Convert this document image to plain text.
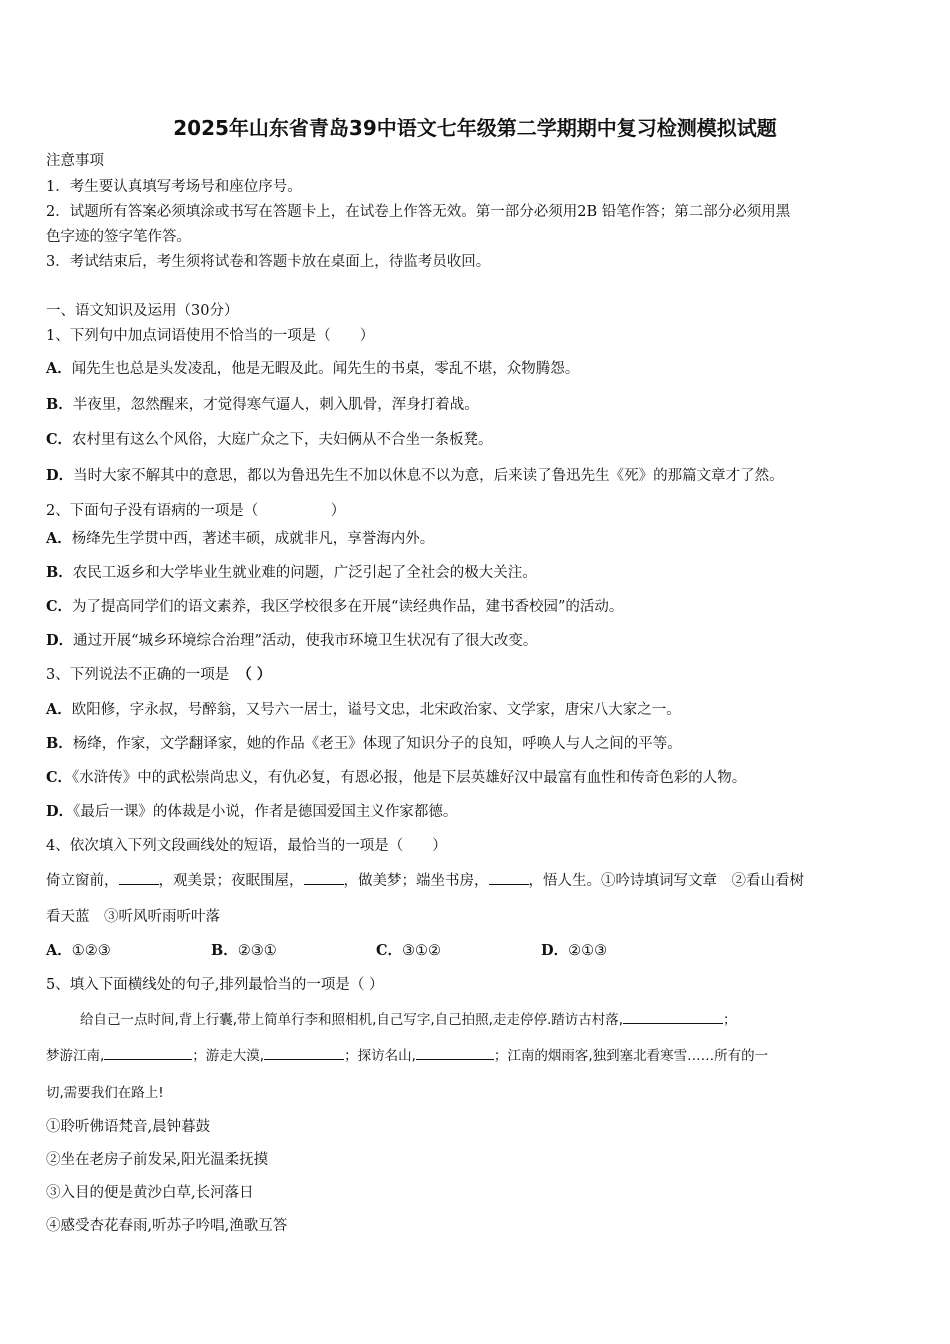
2025年山东省青岛39中语文七年级第二学期期中复习检测模拟试题
注意事项
1．考生要认真填写考场号和座位序号。
2．试题所有答案必须填涂或书写在答题卡上，在试卷上作答无效。第一部分必须用2B 铅笔作答；第二部分必须用黑
色字迹的签字笔作答。
3．考试结束后，考生须将试卷和答题卡放在桌面上，待监考员收回。
一、语文知识及运用（30分）
1、下列句中加点词语使用不恰当的一项是（　　）
A．闻先生也总是头发凌乱，他是无暇及此。闻先生的书桌，零乱不堪，众物腾怨。
B．半夜里，忽然醒来，才觉得寒气逼人，刺入肌骨，浑身打着战。
C．农村里有这么个风俗，大庭广众之下，夫妇俩从不合坐一条板凳。
D．当时大家不解其中的意思，都以为鲁迅先生不加以休息不以为意，后来读了鲁迅先生《死》的那篇文章才了然。
2、下面句子没有语病的一项是（　　　　　）
A．杨绛先生学贯中西，著述丰硕，成就非凡，享誉海内外。
B．农民工返乡和大学毕业生就业难的问题，广泛引起了全社会的极大关注。
C．为了提高同学们的语文素养，我区学校很多在开展“读经典作品，建书香校园”的活动。
D．通过开展“城乡环境综合治理”活动，使我市环境卫生状况有了很大改变。
3、下列说法不正确的一项是 （ ）
A．欧阳修，字永叔，号醉翁，又号六一居士，谥号文忠，北宋政治家、文学家，唐宋八大家之一。
B．杨绛，作家，文学翻译家，她的作品《老王》体现了知识分子的良知，呼唤人与人之间的平等。
C．《水浒传》中的武松崇尚忠义，有仇必复，有恩必报，他是下层英雄好汉中最富有血性和传奇色彩的人物。
D．《最后一课》的体裁是小说，作者是德国爱国主义作家都德。
4、依次填入下列文段画线处的短语，最恰当的一项是（　　）
倚立窗前，	，观美景；夜眠围屋，	，做美梦；端坐书房，	，悟人生。①吟诗填词写文章　②看山看树
看天蓝　③听风听雨听叶落
A．①②③	B．②③①	C．③①②	D．②①③
5、填入下面横线处的句子,排列最恰当的一项是（ ）
给自己一点时间,背上行囊,带上简单行李和照相机,自己写字,自己拍照,走走停停.踏访古村落,	；
梦游江南,	；游走大漠,	；探访名山,	；江南的烟雨客,独到塞北看寒雪……所有的一
切,需要我们在路上!
①聆听佛语梵音,晨钟暮鼓
②坐在老房子前发呆,阳光温柔抚摸
③入目的便是黄沙白草,长河落日
④感受杏花春雨,听苏子吟唱,渔歌互答
